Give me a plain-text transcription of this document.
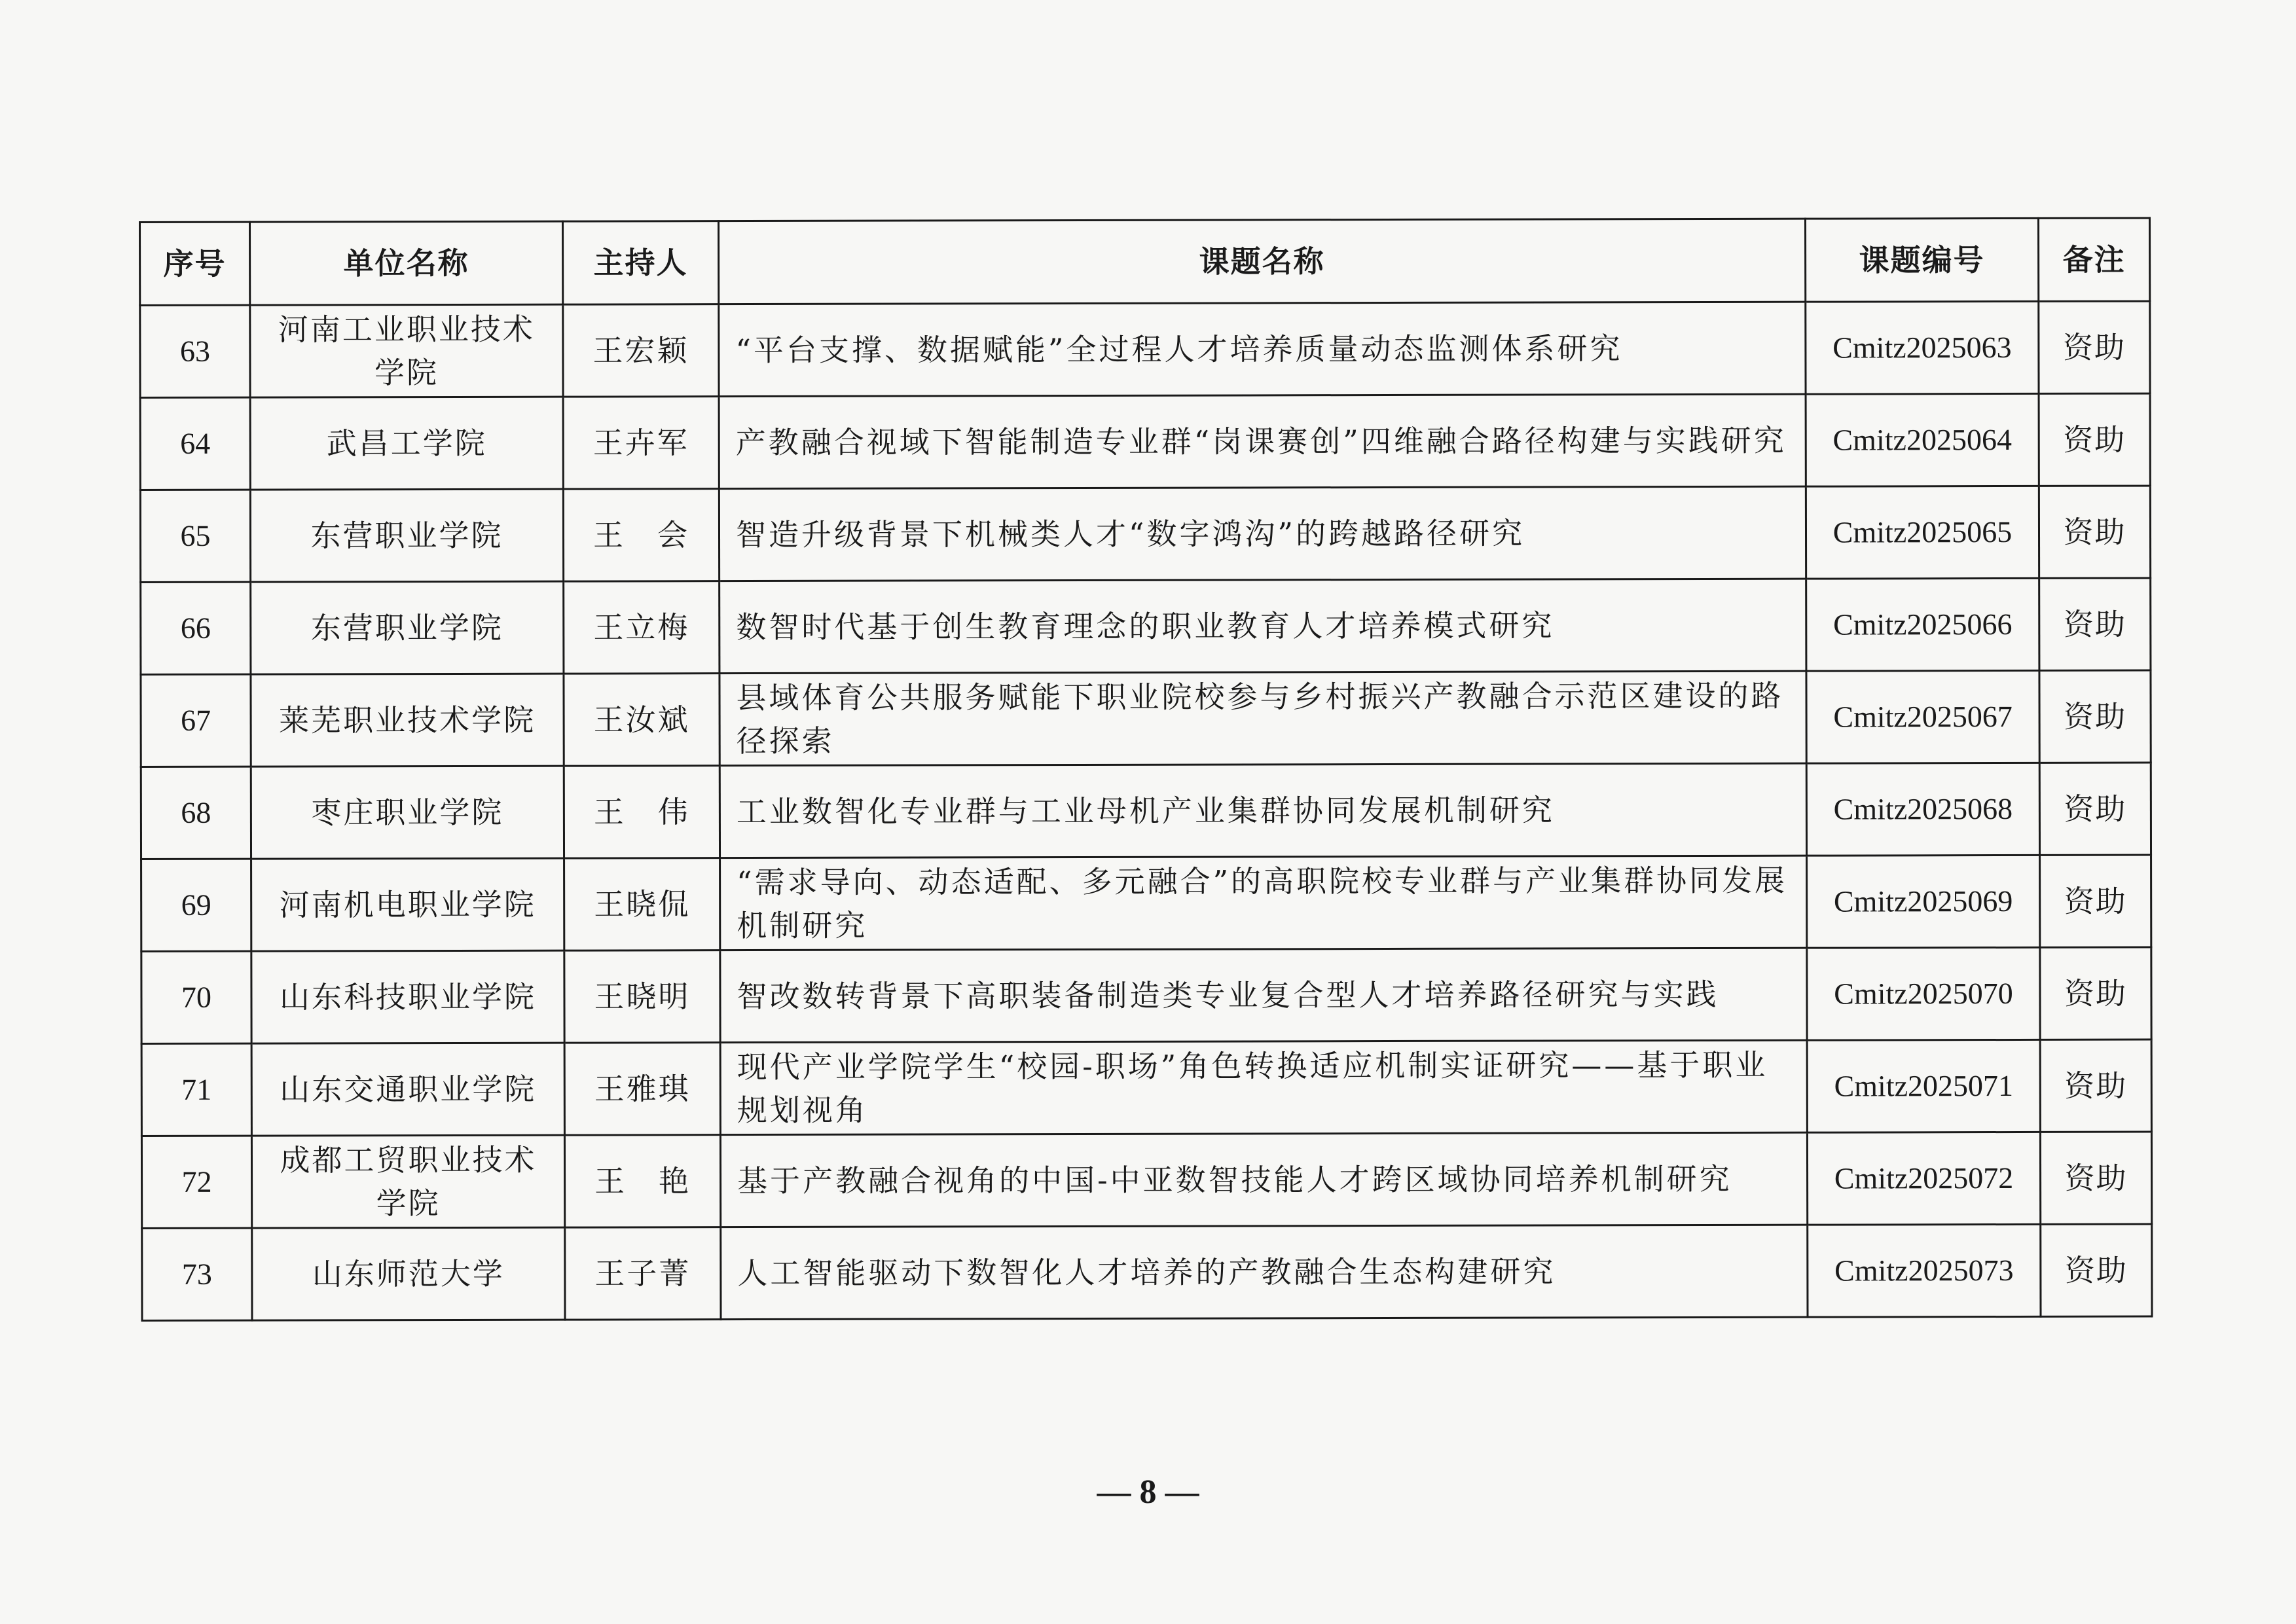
序号	单位名称	主持人	课题名称	课题编号	备注
63	河南工业职业技术学院	王宏颖	“平台支撑、数据赋能”全过程人才培养质量动态监测体系研究	Cmitz2025063	资助
64	武昌工学院	王卉军	产教融合视域下智能制造专业群“岗课赛创”四维融合路径构建与实践研究	Cmitz2025064	资助
65	东营职业学院	王　会	智造升级背景下机械类人才“数字鸿沟”的跨越路径研究	Cmitz2025065	资助
66	东营职业学院	王立梅	数智时代基于创生教育理念的职业教育人才培养模式研究	Cmitz2025066	资助
67	莱芜职业技术学院	王汝斌	县域体育公共服务赋能下职业院校参与乡村振兴产教融合示范区建设的路径探索	Cmitz2025067	资助
68	枣庄职业学院	王　伟	工业数智化专业群与工业母机产业集群协同发展机制研究	Cmitz2025068	资助
69	河南机电职业学院	王晓侃	“需求导向、动态适配、多元融合”的高职院校专业群与产业集群协同发展机制研究	Cmitz2025069	资助
70	山东科技职业学院	王晓明	智改数转背景下高职装备制造类专业复合型人才培养路径研究与实践	Cmitz2025070	资助
71	山东交通职业学院	王雅琪	现代产业学院学生“校园-职场”角色转换适应机制实证研究——基于职业规划视角	Cmitz2025071	资助
72	成都工贸职业技术学院	王　艳	基于产教融合视角的中国-中亚数智技能人才跨区域协同培养机制研究	Cmitz2025072	资助
73	山东师范大学	王子菁	人工智能驱动下数智化人才培养的产教融合生态构建研究	Cmitz2025073	资助
— 8 —
